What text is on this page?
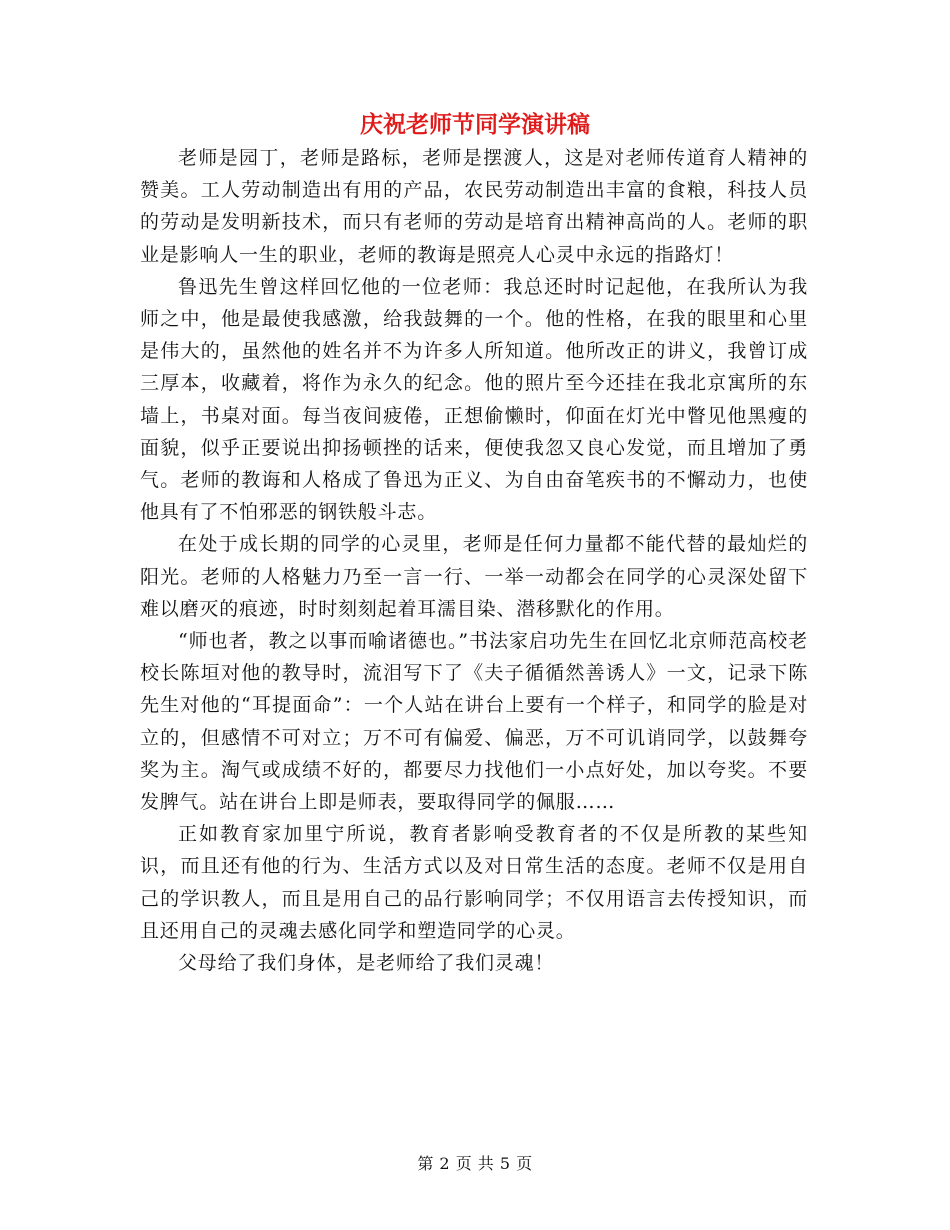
庆祝老师节同学演讲稿

老师是园丁，老师是路标，老师是摆渡人，这是对老师传道育人精神的赞美。工人劳动制造出有用的产品，农民劳动制造出丰富的食粮，科技人员的劳动是发明新技术，而只有老师的劳动是培育出精神高尚的人。老师的职业是影响人一生的职业，老师的教诲是照亮人心灵中永远的指路灯！

鲁迅先生曾这样回忆他的一位老师：我总还时时记起他，在我所认为我师之中，他是最使我感激，给我鼓舞的一个。他的性格，在我的眼里和心里是伟大的，虽然他的姓名并不为许多人所知道。他所改正的讲义，我曾订成三厚本，收藏着，将作为永久的纪念。他的照片至今还挂在我北京寓所的东墙上，书桌对面。每当夜间疲倦，正想偷懒时，仰面在灯光中瞥见他黑瘦的面貌，似乎正要说出抑扬顿挫的话来，便使我忽又良心发觉，而且增加了勇气。老师的教诲和人格成了鲁迅为正义、为自由奋笔疾书的不懈动力，也使他具有了不怕邪恶的钢铁般斗志。

在处于成长期的同学的心灵里，老师是任何力量都不能代替的最灿烂的阳光。老师的人格魅力乃至一言一行、一举一动都会在同学的心灵深处留下难以磨灭的痕迹，时时刻刻起着耳濡目染、潜移默化的作用。

“师也者，教之以事而喻诸德也。”书法家启功先生在回忆北京师范高校老校长陈垣对他的教导时，流泪写下了《夫子循循然善诱人》一文，记录下陈先生对他的“耳提面命”：一个人站在讲台上要有一个样子，和同学的脸是对立的，但感情不可对立；万不可有偏爱、偏恶，万不可讥诮同学，以鼓舞夸奖为主。淘气或成绩不好的，都要尽力找他们一小点好处，加以夸奖。不要发脾气。站在讲台上即是师表，要取得同学的佩服……

正如教育家加里宁所说，教育者影响受教育者的不仅是所教的某些知识，而且还有他的行为、生活方式以及对日常生活的态度。老师不仅是用自己的学识教人，而且是用自己的品行影响同学；不仅用语言去传授知识，而且还用自己的灵魂去感化同学和塑造同学的心灵。

父母给了我们身体，是老师给了我们灵魂！

第 2 页 共 5 页
